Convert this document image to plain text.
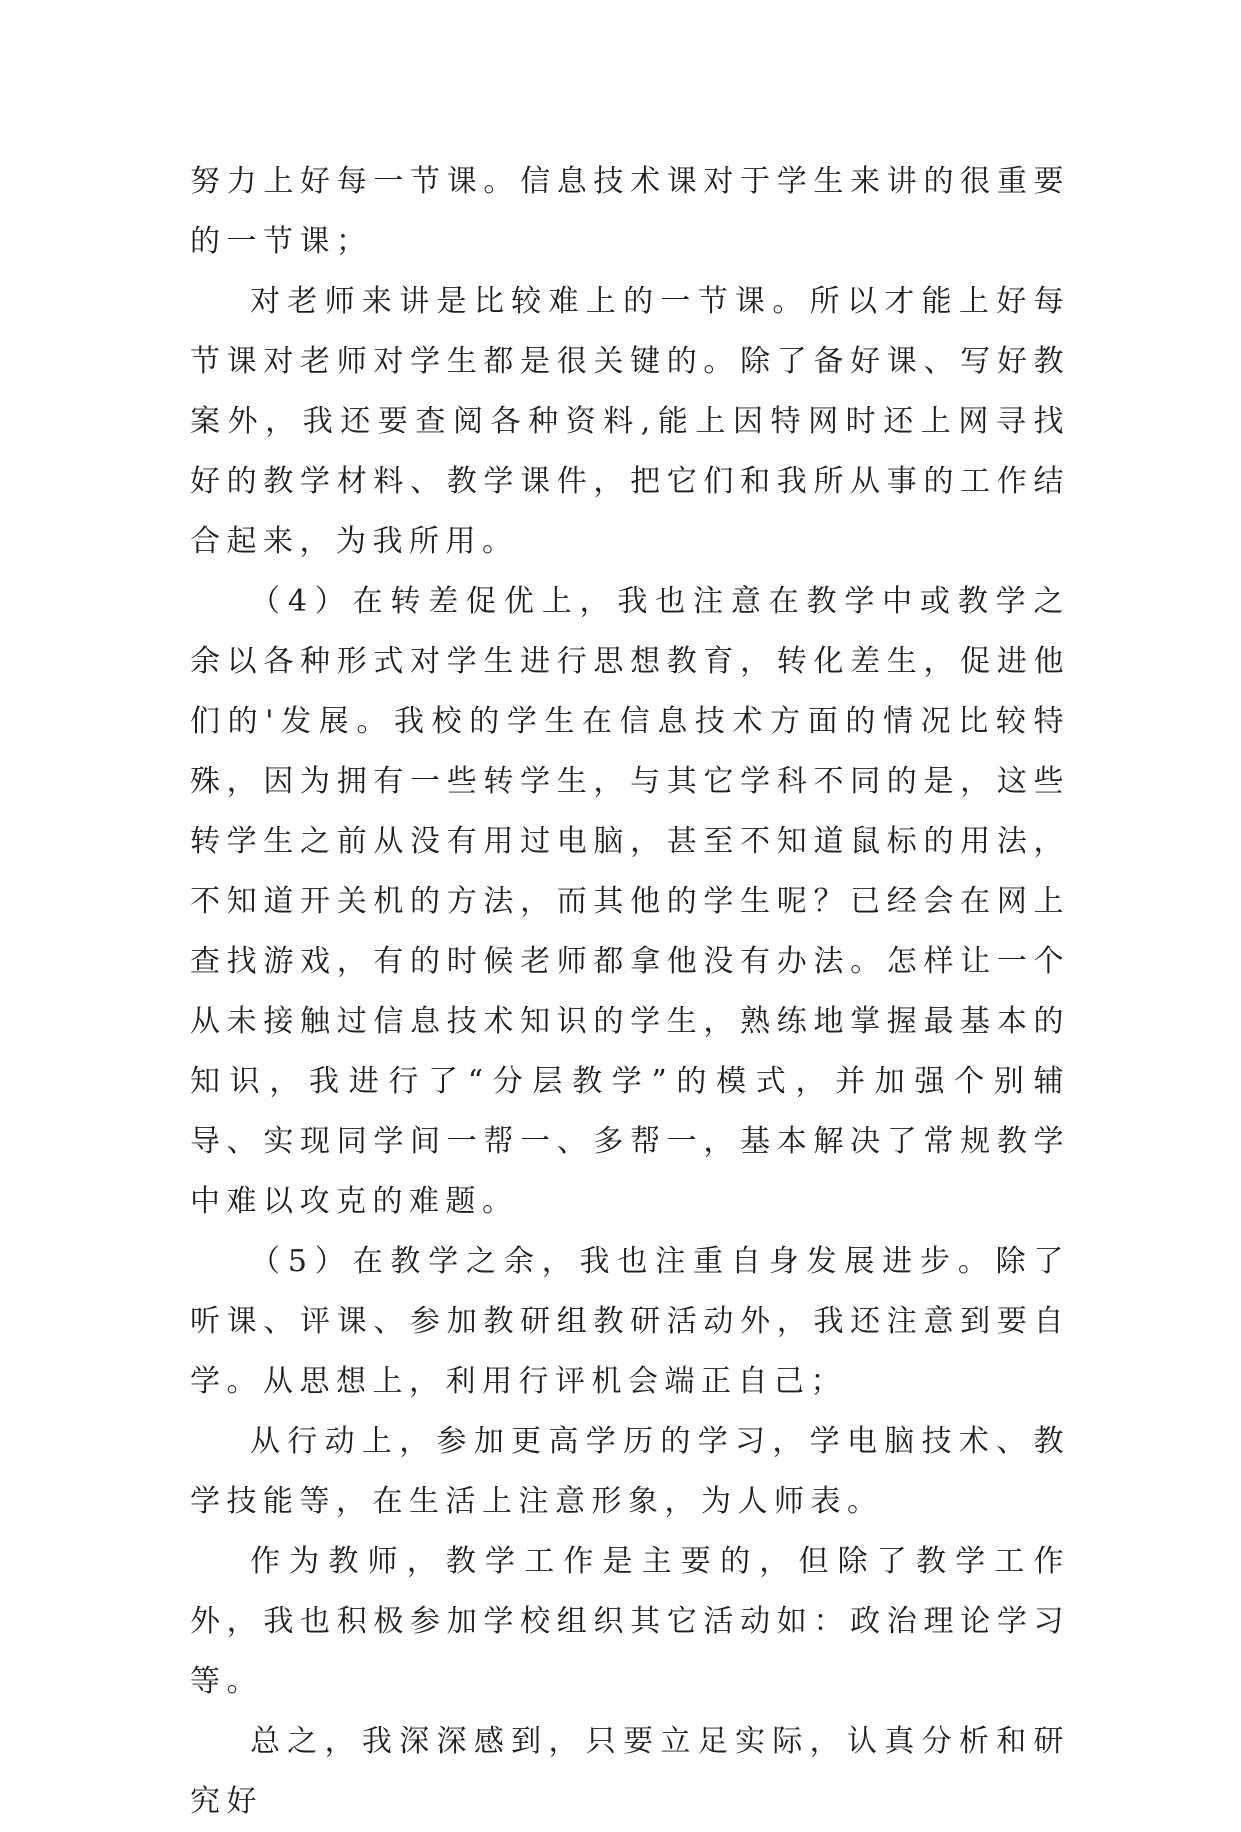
努力上好每一节课。信息技术课对于学生来讲的很重要的一节课；

对老师来讲是比较难上的一节课。所以才能上好每节课对老师对学生都是很关键的。除了备好课、写好教案外，我还要查阅各种资料,能上因特网时还上网寻找好的教学材料、教学课件，把它们和我所从事的工作结合起来，为我所用。

（4）在转差促优上，我也注意在教学中或教学之余以各种形式对学生进行思想教育，转化差生，促进他们的'发展。我校的学生在信息技术方面的情况比较特殊，因为拥有一些转学生，与其它学科不同的是，这些转学生之前从没有用过电脑，甚至不知道鼠标的用法，不知道开关机的方法，而其他的学生呢？已经会在网上查找游戏，有的时候老师都拿他没有办法。怎样让一个从未接触过信息技术知识的学生，熟练地掌握最基本的知识，我进行了“分层教学”的模式，并加强个别辅导、实现同学间一帮一、多帮一，基本解决了常规教学中难以攻克的难题。

（5）在教学之余，我也注重自身发展进步。除了听课、评课、参加教研组教研活动外，我还注意到要自学。从思想上，利用行评机会端正自己；

从行动上，参加更高学历的学习，学电脑技术、教学技能等，在生活上注意形象，为人师表。

作为教师，教学工作是主要的，但除了教学工作外，我也积极参加学校组织其它活动如：政治理论学习等。

总之，我深深感到，只要立足实际，认真分析和研究好
